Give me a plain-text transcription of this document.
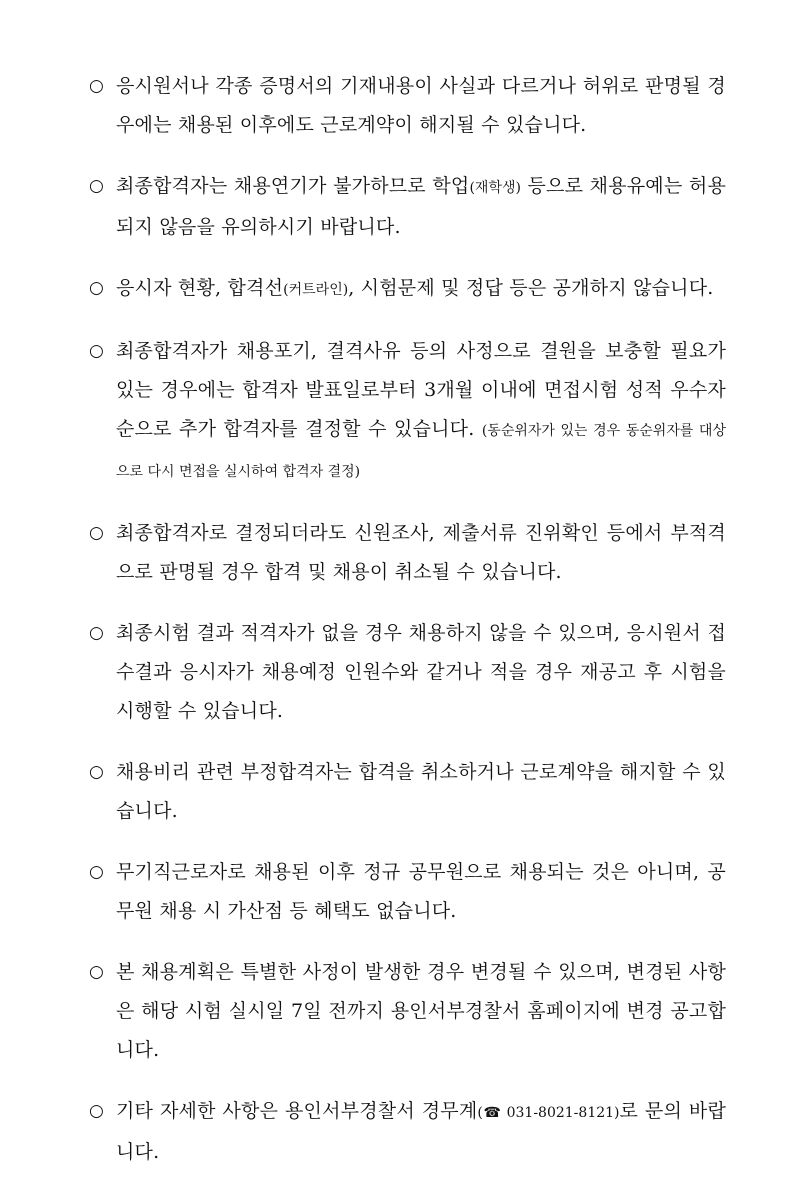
○ 응시원서나 각종 증명서의 기재내용이 사실과 다르거나 허위로 판명될 경우에는 채용된 이후에도 근로계약이 해지될 수 있습니다.
○ 최종합격자는 채용연기가 불가하므로 학업(재학생) 등으로 채용유예는 허용되지 않음을 유의하시기 바랍니다.
○ 응시자 현황, 합격선(커트라인), 시험문제 및 정답 등은 공개하지 않습니다.
○ 최종합격자가 채용포기, 결격사유 등의 사정으로 결원을 보충할 필요가 있는 경우에는 합격자 발표일로부터 3개월 이내에 면접시험 성적 우수자 순으로 추가 합격자를 결정할 수 있습니다. (동순위자가 있는 경우 동순위자를 대상으로 다시 면접을 실시하여 합격자 결정)
○ 최종합격자로 결정되더라도 신원조사, 제출서류 진위확인 등에서 부적격으로 판명될 경우 합격 및 채용이 취소될 수 있습니다.
○ 최종시험 결과 적격자가 없을 경우 채용하지 않을 수 있으며, 응시원서 접수결과 응시자가 채용예정 인원수와 같거나 적을 경우 재공고 후 시험을 시행할 수 있습니다.
○ 채용비리 관련 부정합격자는 합격을 취소하거나 근로계약을 해지할 수 있습니다.
○ 무기직근로자로 채용된 이후 정규 공무원으로 채용되는 것은 아니며, 공무원 채용 시 가산점 등 혜택도 없습니다.
○ 본 채용계획은 특별한 사정이 발생한 경우 변경될 수 있으며, 변경된 사항은 해당 시험 실시일 7일 전까지 용인서부경찰서 홈페이지에 변경 공고합니다.
○ 기타 자세한 사항은 용인서부경찰서 경무계(☎ 031-8021-8121)로 문의 바랍니다.
